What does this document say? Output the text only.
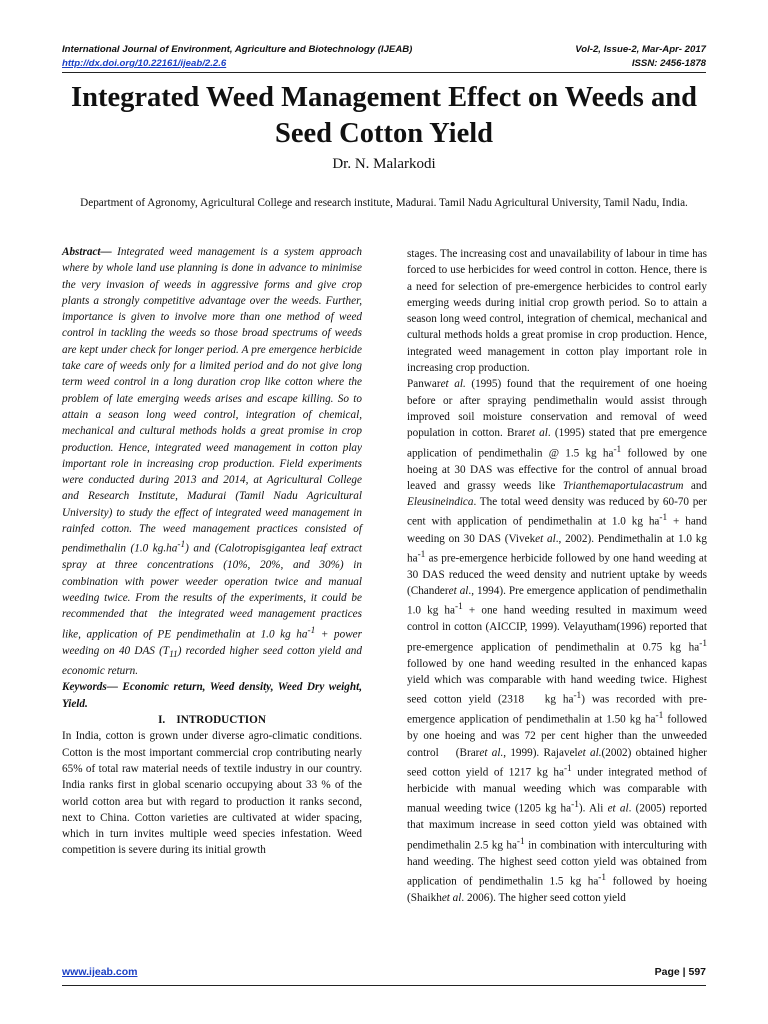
International Journal of Environment, Agriculture and Biotechnology (IJEAB)	Vol-2, Issue-2, Mar-Apr- 2017
http://dx.doi.org/10.22161/ijeab/2.2.6	ISSN: 2456-1878
Integrated Weed Management Effect on Weeds and Seed Cotton Yield
Dr. N. Malarkodi
Department of Agronomy, Agricultural College and research institute, Madurai. Tamil Nadu Agricultural University, Tamil Nadu, India.

Abstract— Integrated weed management is a system approach where by whole land use planning is done in advance to minimise the very invasion of weeds in aggressive forms and give crop plants a strongly competitive advantage over the weeds. Further, importance is given to involve more than one method of weed control in tackling the weeds so those broad spectrums of weeds are kept under check for longer period. A pre emergence herbicide take care of weeds only for a limited period and do not give long term weed control in a long duration crop like cotton where the problem of late emerging weeds arises and escape killing. So to attain a season long weed control, integration of chemical, mechanical and cultural methods holds a great promise in crop production. Hence, integrated weed management in cotton play important role in increasing crop production. Field experiments were conducted during 2013 and 2014, at Agricultural College and Research Institute, Madurai (Tamil Nadu Agricultural University) to study the effect of integrated weed management in rainfed cotton. The weed management practices consisted of pendimethalin (1.0 $kg.ha^{-1}$) and (Calotropisgigantea leaf extract spray at three concentrations (10%, 20%, and 30%) in combination with power weeder operation twice and manual weeding twice. From the results of the experiments, it could be recommended that  the integrated weed management practices like, application of PE pendimethalin at 1.0 kg $ha^{-1}$ + power weeding on 40 DAS $(T_{11})$ recorded higher seed cotton yield and economic return.

Keywords— Economic return, Weed density, Weed Dry weight, Yield.

I.    INTRODUCTION

In India, cotton is grown under diverse agro-climatic conditions. Cotton is the most important commercial crop contributing nearly 65% of total raw material needs of textile industry in our country. India ranks first in global scenario occupying about 33 % of the world cotton area but with regard to production it ranks second, next to China. Cotton varieties are cultivated at wider spacing, which in turn invites multiple weed species infestation. Weed competition is severe during its initial growth

stages. The increasing cost and unavailability of labour in time has forced to use herbicides for weed control in cotton. Hence, there is a need for selection of pre-emergence herbicides to control early emerging weeds during initial crop growth period. So to attain a season long weed control, integration of chemical, mechanical and cultural methods holds a great promise in crop production. Hence, integrated weed management in cotton play important role in increasing crop production.

Panwaret al. (1995) found that the requirement of one hoeing before or after spraying pendimethalin would assist through improved soil moisture conservation and removal of weed population in cotton. Braret al. (1995) stated that pre emergence application of pendimethalin @ 1.5 kg $ha^{-1}$ followed by one hoeing at 30 DAS was effective for the control of annual broad leaved and grassy weeds like Trianthemaportulacastrum and Eleusineindica. The total weed density was reduced by 60-70 per cent with application of pendimethalin at 1.0 kg $ha^{-1}$ + hand weeding on 30 DAS (Viveket al., 2002). Pendimethalin at 1.0 kg $ha^{-1}$ as pre-emergence herbicide followed by one hand weeding at 30 DAS reduced the weed density and nutrient uptake by weeds (Chanderet al., 1994). Pre emergence application of pendimethalin 1.0 kg $ha^{-1}$ + one hand weeding resulted in maximum weed control in cotton (AICCIP, 1999). Velayutham(1996) reported that pre-emergence application of pendimethalin at 0.75 kg $ha^{-1}$ followed by one hand weeding resulted in the enhanced kapas yield which was comparable with hand weeding twice. Highest seed cotton yield (2318   kg $ha^{-1}$) was recorded with pre-emergence application of pendimethalin at 1.50 kg $ha^{-1}$ followed by one hoeing and was 72 per cent higher than the unweeded control    (Braret al., 1999). Rajavelet al.(2002) obtained higher seed cotton yield of 1217 kg $ha^{-1}$ under integrated method of herbicide with manual weeding which was comparable with manual weeding twice (1205 kg $ha^{-1}$). Ali et al. (2005) reported that maximum increase in seed cotton yield was obtained with pendimethalin 2.5 kg $ha^{-1}$ in combination with interculturing with hand weeding. The highest seed cotton yield was obtained from application of pendimethalin 1.5 kg $ha^{-1}$ followed by hoeing (Shaikhet al. 2006). The higher seed cotton yield

www.ijeab.com	Page | 597
